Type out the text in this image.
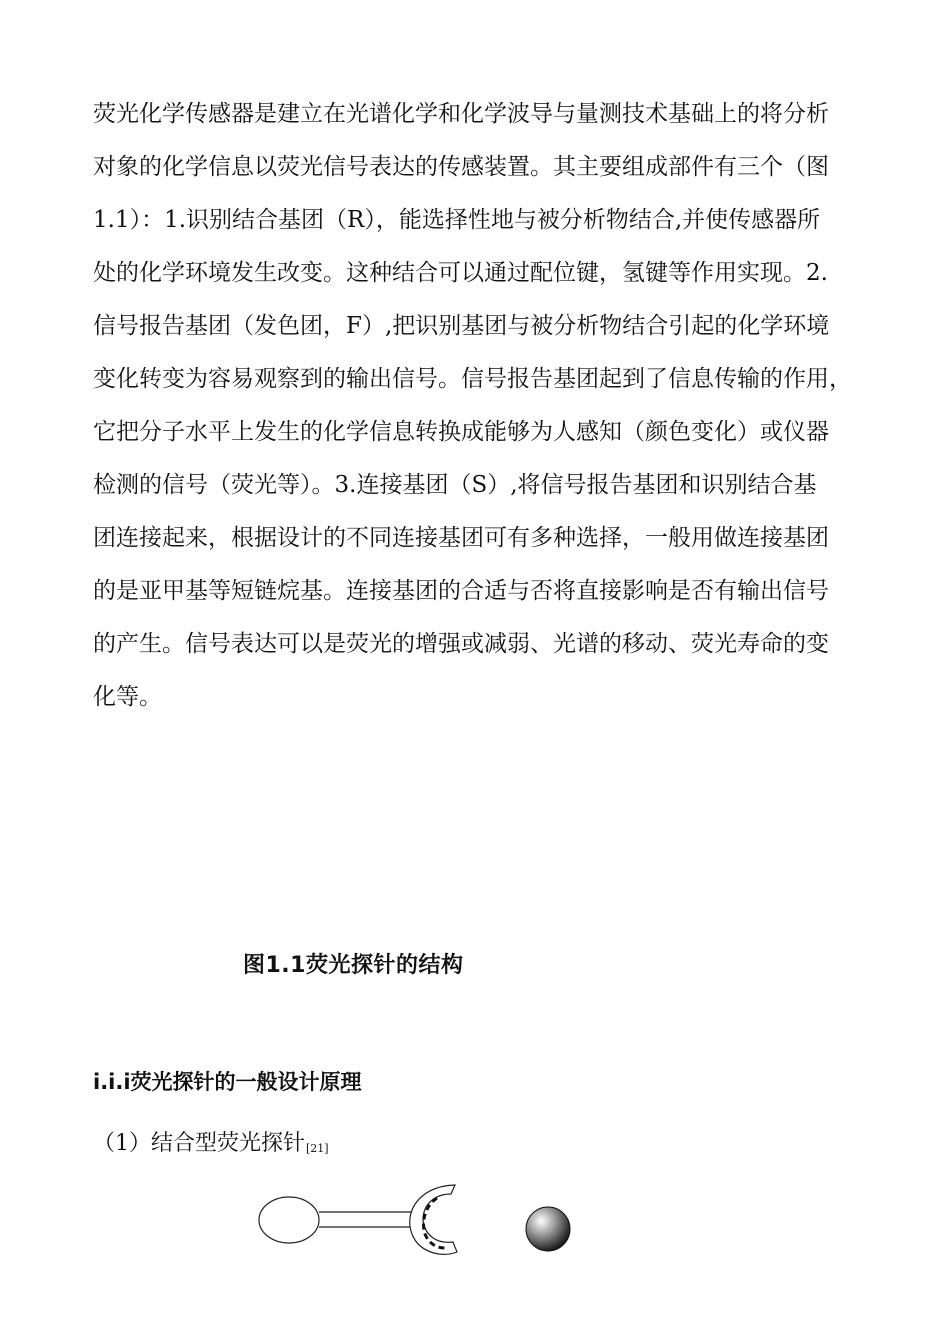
荧光化学传感器是建立在光谱化学和化学波导与量测技术基础上的将分析
对象的化学信息以荧光信号表达的传感装置。其主要组成部件有三个（图
1.1）：1.识别结合基团（R），能选择性地与被分析物结合,并使传感器所
处的化学环境发生改变。这种结合可以通过配位键，氢键等作用实现。2.
信号报告基团（发色团，F）,把识别基团与被分析物结合引起的化学环境
变化转变为容易观察到的输出信号。信号报告基团起到了信息传输的作用，
它把分子水平上发生的化学信息转换成能够为人感知（颜色变化）或仪器
检测的信号（荧光等）。3.连接基团（S）,将信号报告基团和识别结合基
团连接起来，根据设计的不同连接基团可有多种选择，一般用做连接基团
的是亚甲基等短链烷基。连接基团的合适与否将直接影响是否有输出信号
的产生。信号表达可以是荧光的增强或减弱、光谱的移动、荧光寿命的变
化等。
图1.1荧光探针的结构
i.i.i荧光探针的一般设计原理
（1）结合型荧光探针[21]
